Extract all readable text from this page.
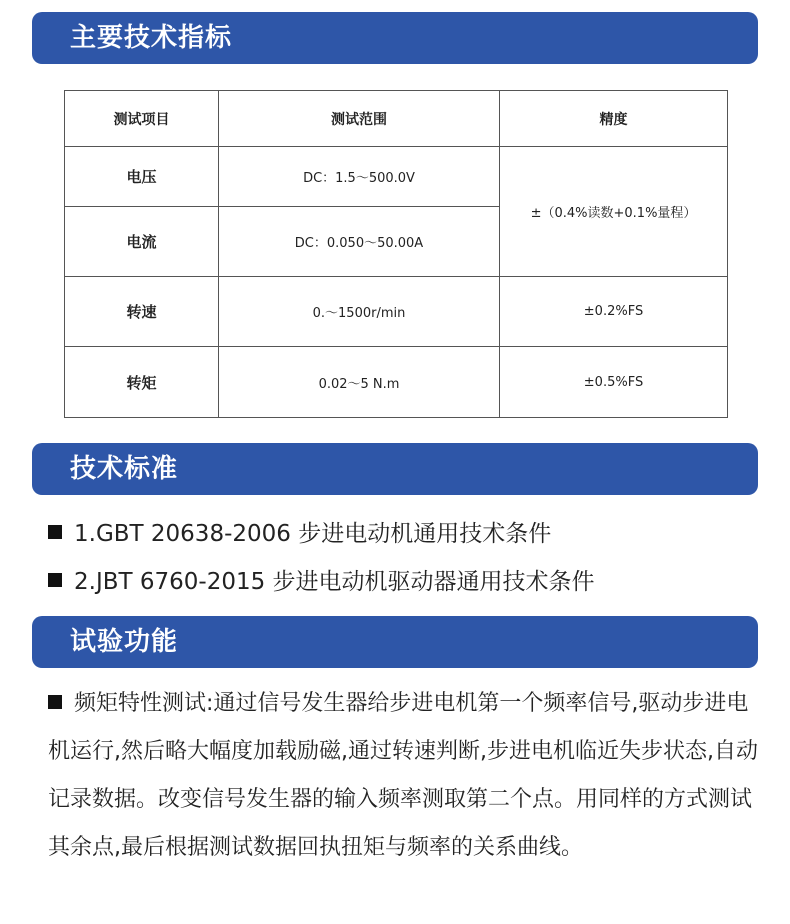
主要技术指标
测试项目	测试范围	精度
电压	DC：1.5～500.0V	±（0.4%读数+0.1%量程）
电流	DC：0.050～50.00A	
转速	0.～1500r/min	±0.2%FS
转矩	0.02～5 N.m	±0.5%FS
技术标准
1.GBT 20638-2006 步进电动机通用技术条件
2.JBT 6760-2015 步进电动机驱动器通用技术条件
试验功能
频矩特性测试:通过信号发生器给步进电机第一个频率信号,驱动步进电机运行,然后略大幅度加载励磁,通过转速判断,步进电机临近失步状态,自动记录数据。改变信号发生器的输入频率测取第二个点。用同样的方式测试其余点,最后根据测试数据回执扭矩与频率的关系曲线。
